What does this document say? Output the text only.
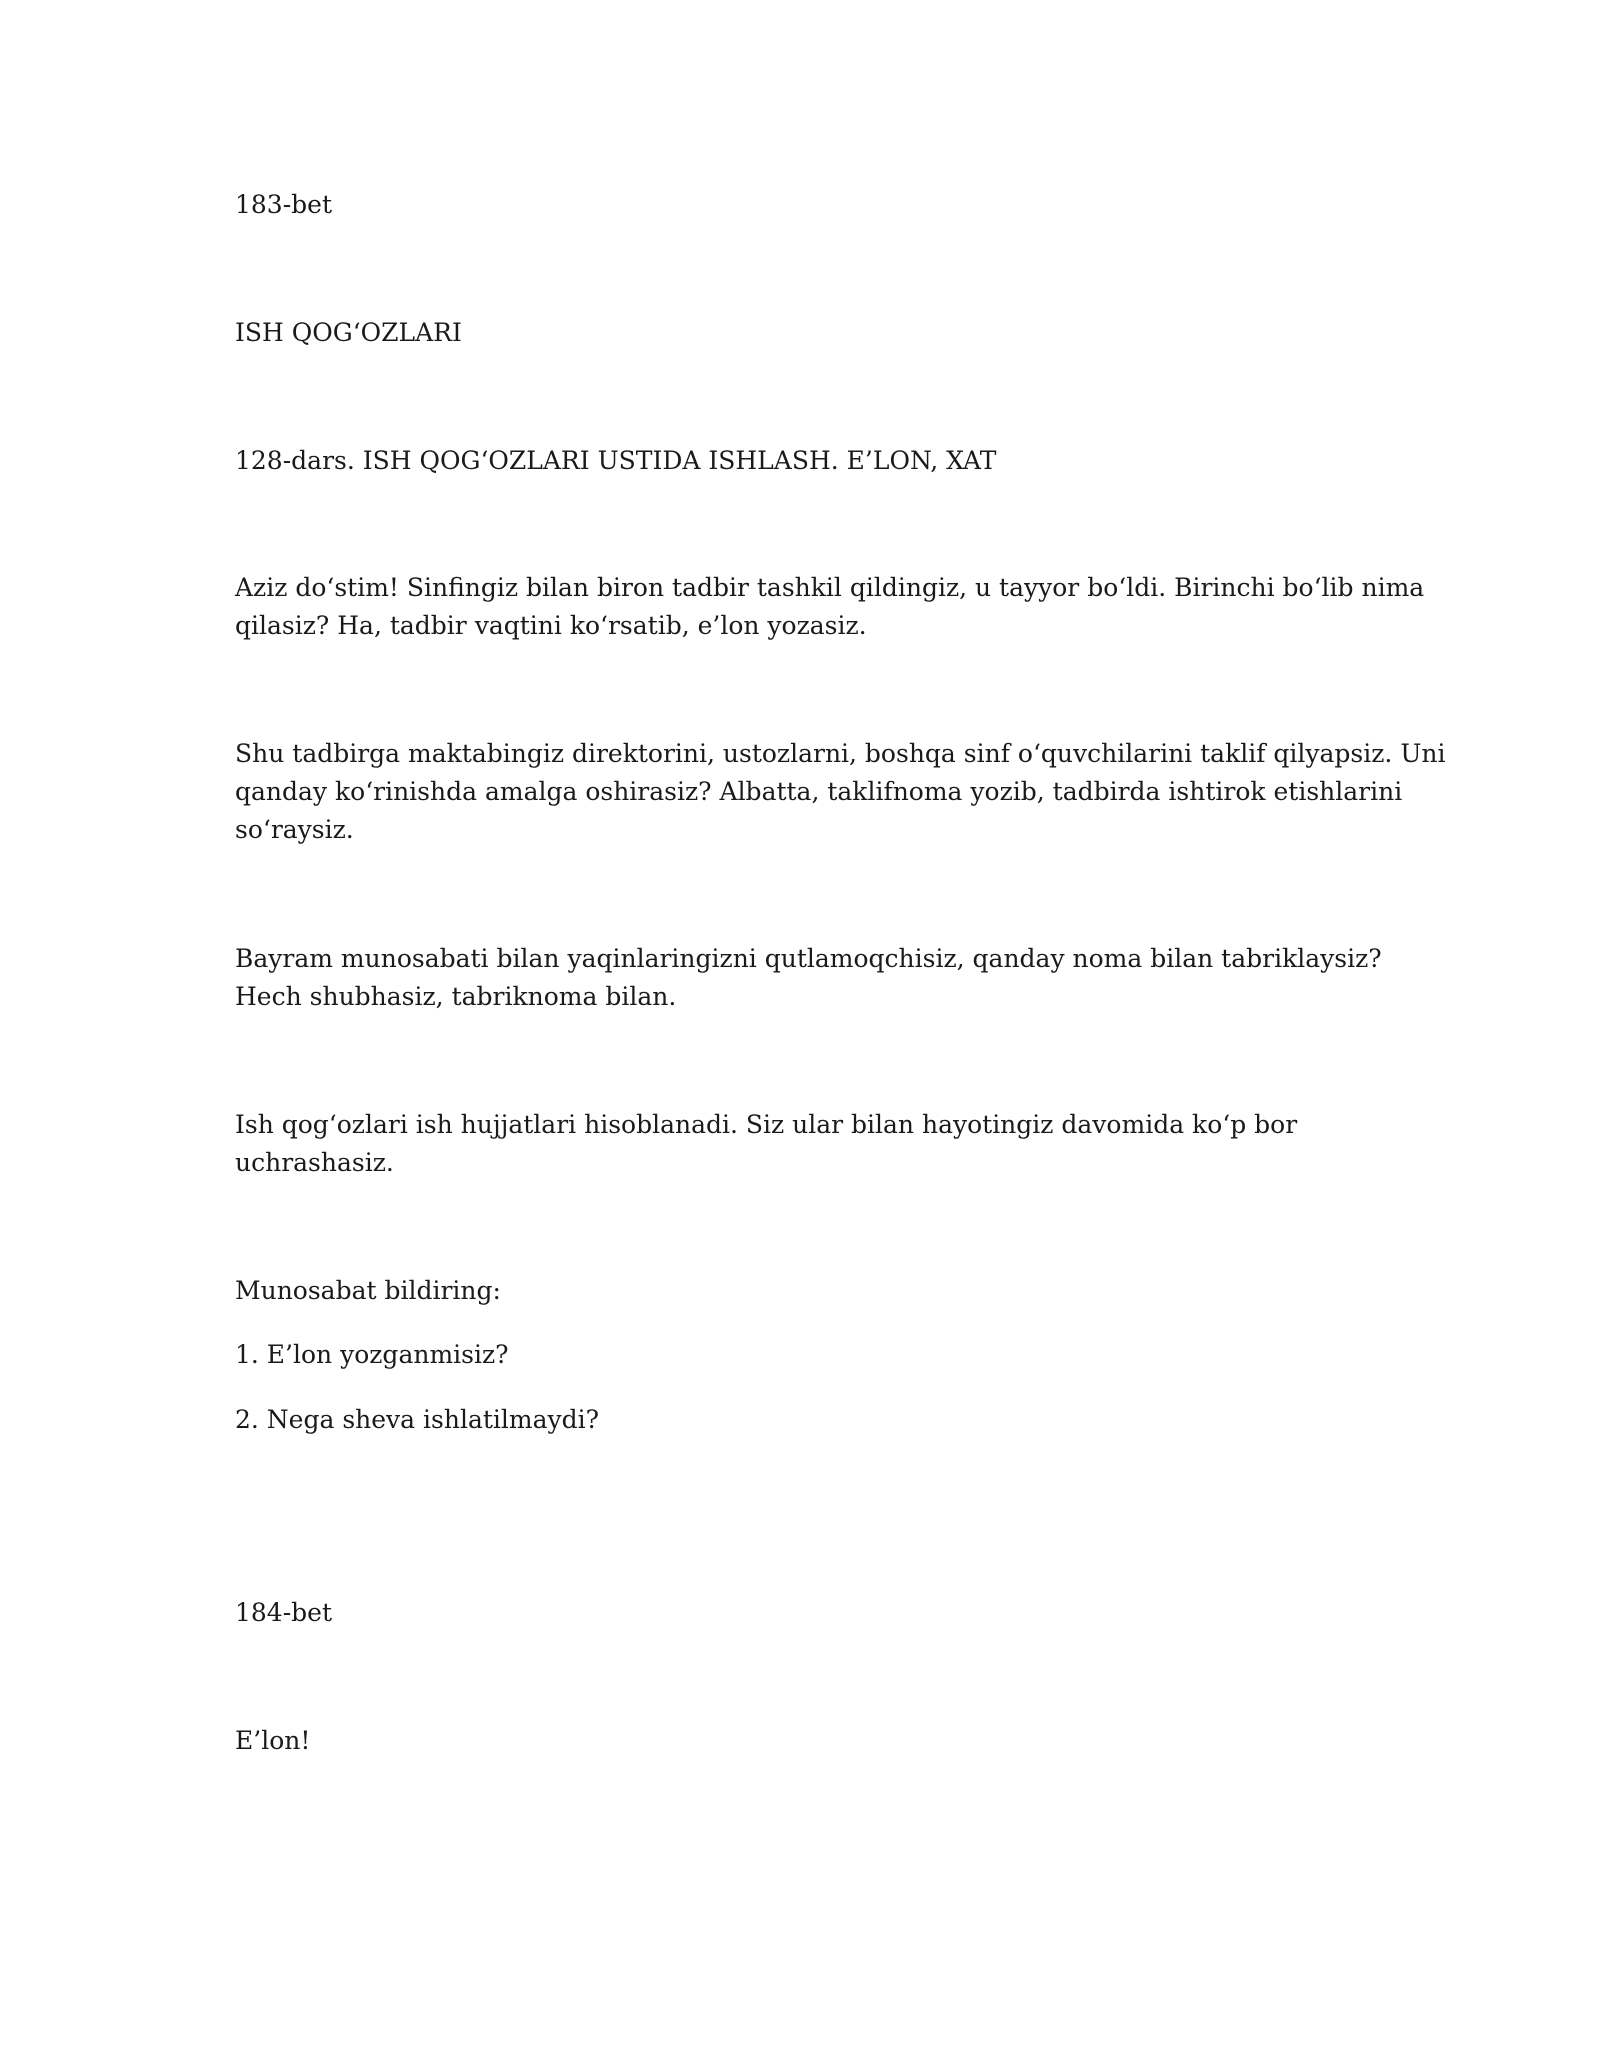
183-bet

ISH QOG‘OZLARI

128-dars. ISH QOG‘OZLARI USTIDA ISHLASH. E’LON, XAT

Aziz do‘stim! Sinfingiz bilan biron tadbir tashkil qildingiz, u tayyor bo‘ldi. Birinchi bo‘lib nima
qilasiz? Ha, tadbir vaqtini ko‘rsatib, e’lon yozasiz.
Shu tadbirga maktabingiz direktorini, ustozlarni, boshqa sinf o‘quvchilarini taklif qilyapsiz. Uni
qanday ko‘rinishda amalga oshirasiz? Albatta, taklifnoma yozib, tadbirda ishtirok etishlarini
so‘raysiz.
Bayram munosabati bilan yaqinlaringizni qutlamoqchisiz, qanday noma bilan tabriklaysiz?
Hech shubhasiz, tabriknoma bilan.
Ish qog‘ozlari ish hujjatlari hisoblanadi. Siz ular bilan hayotingiz davomida ko‘p bor
uchrashasiz.

Munosabat bildiring:

1. E’lon yozganmisiz?

2. Nega sheva ishlatilmaydi?

184-bet

E’lon!
